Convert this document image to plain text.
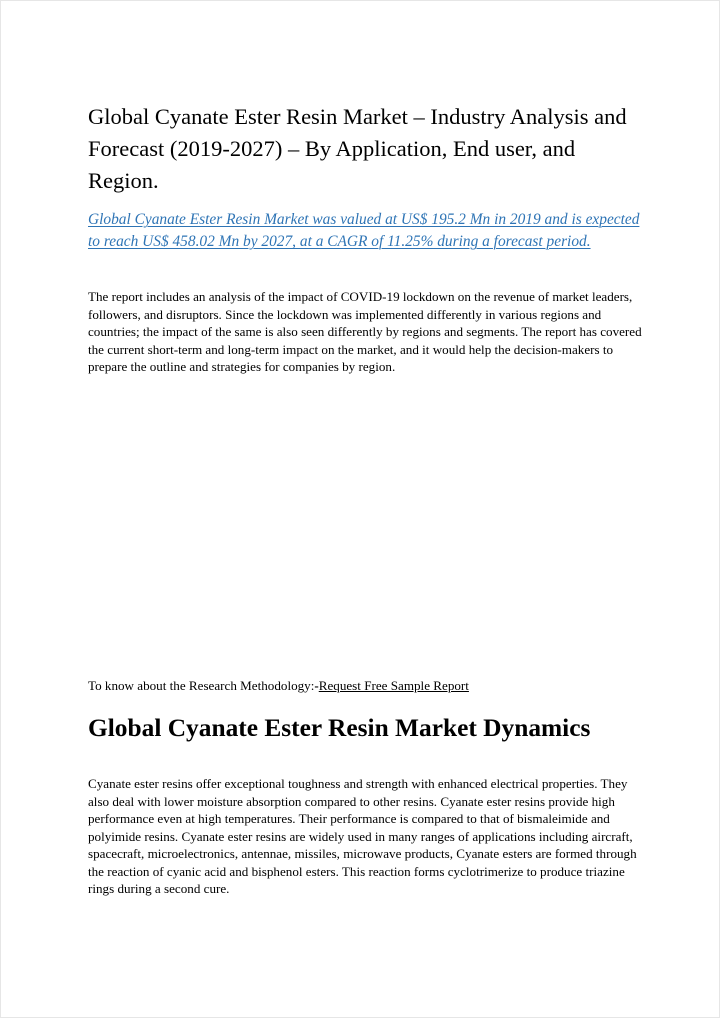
Global Cyanate Ester Resin Market – Industry Analysis and Forecast (2019-2027) – By Application, End user, and Region.

Global Cyanate Ester Resin Market was valued at US$ 195.2 Mn in 2019 and is expected to reach US$ 458.02 Mn by 2027, at a CAGR of 11.25% during a forecast period.

The report includes an analysis of the impact of COVID-19 lockdown on the revenue of market leaders, followers, and disruptors. Since the lockdown was implemented differently in various regions and countries; the impact of the same is also seen differently by regions and segments. The report has covered the current short-term and long-term impact on the market, and it would help the decision-makers to prepare the outline and strategies for companies by region.

To know about the Research Methodology:-Request Free Sample Report

Global Cyanate Ester Resin Market Dynamics

Cyanate ester resins offer exceptional toughness and strength with enhanced electrical properties. They also deal with lower moisture absorption compared to other resins. Cyanate ester resins provide high performance even at high temperatures. Their performance is compared to that of bismaleimide and polyimide resins. Cyanate ester resins are widely used in many ranges of applications including aircraft, spacecraft, microelectronics, antennae, missiles, microwave products, Cyanate esters are formed through the reaction of cyanic acid and bisphenol esters. This reaction forms cyclotrimerize to produce triazine rings during a second cure.
